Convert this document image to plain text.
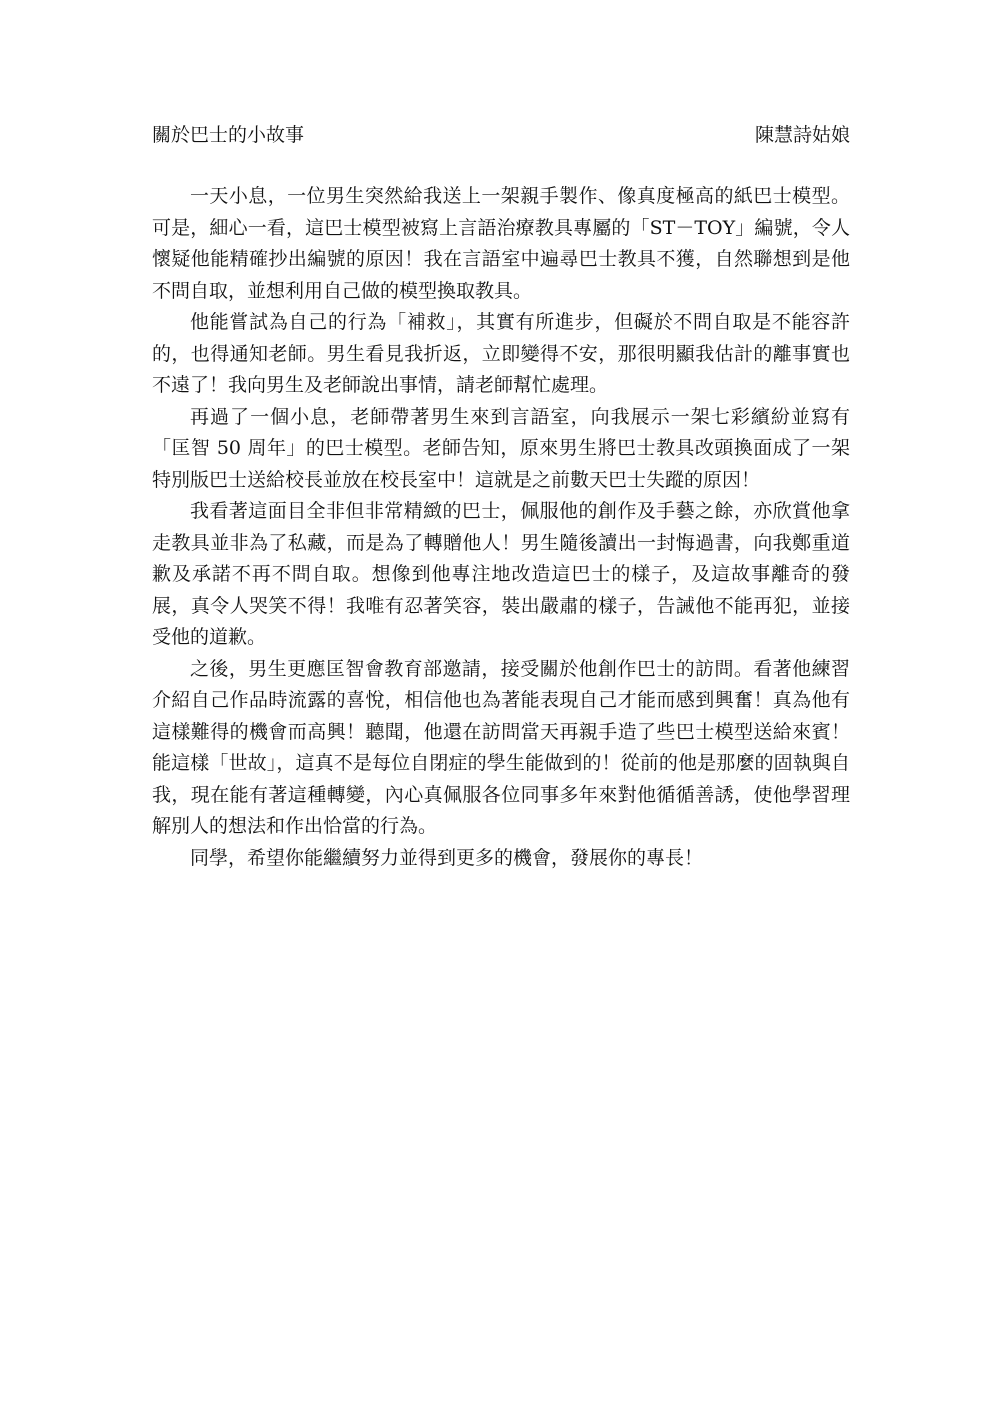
關於巴士的小故事	陳慧詩姑娘

一天小息，一位男生突然給我送上一架親手製作、像真度極高的紙巴士模型。可是，細心一看，這巴士模型被寫上言語治療教具專屬的「ST－TOY」編號，令人懷疑他能精確抄出編號的原因！我在言語室中遍尋巴士教具不獲，自然聯想到是他不問自取，並想利用自己做的模型換取教具。

他能嘗試為自己的行為「補救」，其實有所進步，但礙於不問自取是不能容許的，也得通知老師。男生看見我折返，立即變得不安，那很明顯我估計的離事實也不遠了！我向男生及老師說出事情，請老師幫忙處理。

再過了一個小息，老師帶著男生來到言語室，向我展示一架七彩繽紛並寫有「匡智 50 周年」的巴士模型。老師告知，原來男生將巴士教具改頭換面成了一架特別版巴士送給校長並放在校長室中！這就是之前數天巴士失蹤的原因！

我看著這面目全非但非常精緻的巴士，佩服他的創作及手藝之餘，亦欣賞他拿走教具並非為了私藏，而是為了轉贈他人！男生隨後讀出一封悔過書，向我鄭重道歉及承諾不再不問自取。想像到他專注地改造這巴士的樣子，及這故事離奇的發展，真令人哭笑不得！我唯有忍著笑容，裝出嚴肅的樣子，告誡他不能再犯，並接受他的道歉。

之後，男生更應匡智會教育部邀請，接受關於他創作巴士的訪問。看著他練習介紹自己作品時流露的喜悅，相信他也為著能表現自己才能而感到興奮！真為他有這樣難得的機會而高興！聽聞，他還在訪問當天再親手造了些巴士模型送給來賓！能這樣「世故」，這真不是每位自閉症的學生能做到的！從前的他是那麼的固執與自我，現在能有著這種轉變，內心真佩服各位同事多年來對他循循善誘，使他學習理解別人的想法和作出恰當的行為。

同學，希望你能繼續努力並得到更多的機會，發展你的專長！
